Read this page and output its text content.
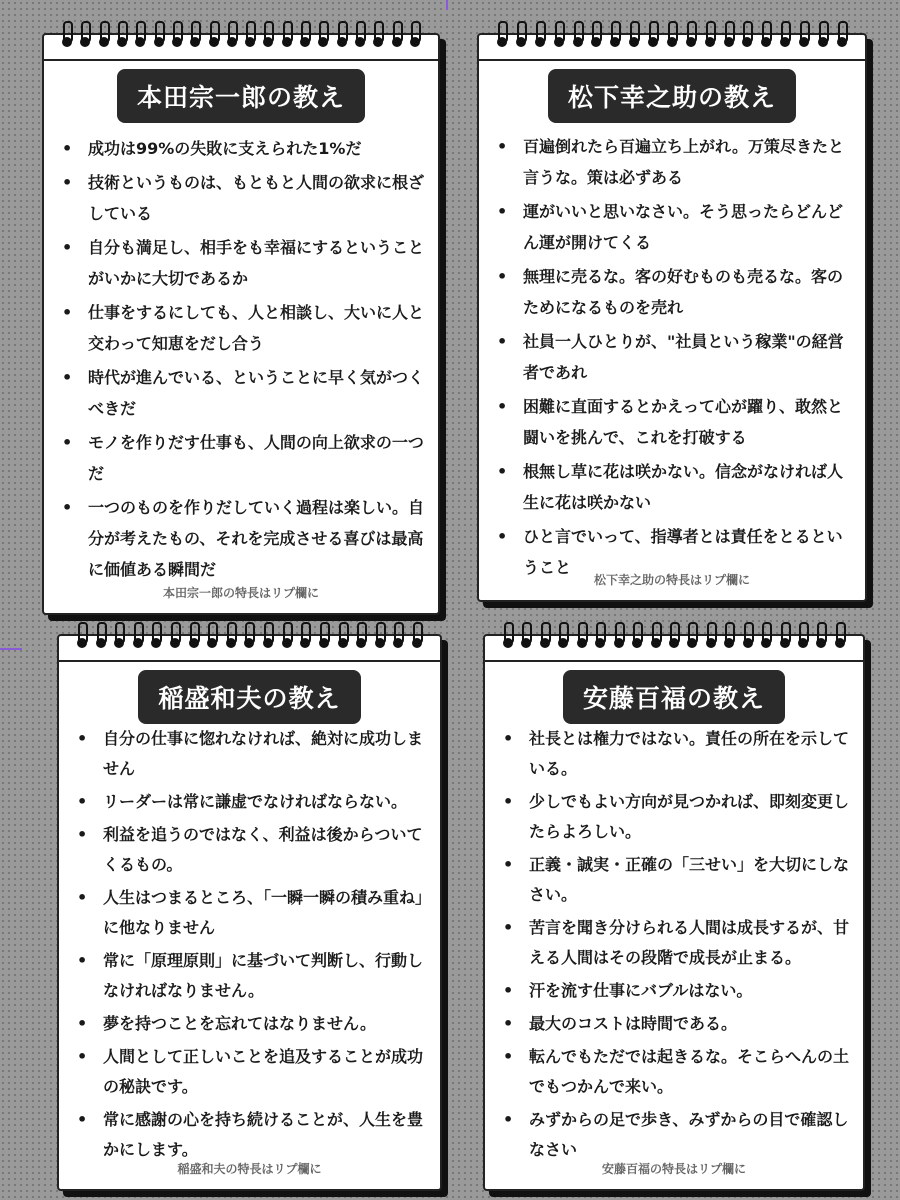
本田宗一郎の教え
• 成功は99%の失敗に支えられた1%だ
• 技術というものは、もともと人間の欲求に根ざしている
• 自分も満足し、相手をも幸福にするということがいかに大切であるか
• 仕事をするにしても、人と相談し、大いに人と交わって知恵をだし合う
• 時代が進んでいる、ということに早く気がつくべきだ
• モノを作りだす仕事も、人間の向上欲求の一つだ
• 一つのものを作りだしていく過程は楽しい。自分が考えたもの、それを完成させる喜びは最高に価値ある瞬間だ
本田宗一郎の特長はリプ欄に
松下幸之助の教え
• 百遍倒れたら百遍立ち上がれ。万策尽きたと言うな。策は必ずある
• 運がいいと思いなさい。そう思ったらどんどん運が開けてくる
• 無理に売るな。客の好むものも売るな。客のためになるものを売れ
• 社員一人ひとりが、"社員という稼業"の経営者であれ
• 困難に直面するとかえって心が躍り、敢然と闘いを挑んで、これを打破する
• 根無し草に花は咲かない。信念がなければ人生に花は咲かない
• ひと言でいって、指導者とは責任をとるということ
松下幸之助の特長はリプ欄に
稲盛和夫の教え
• 自分の仕事に惚れなければ、絶対に成功しません
• リーダーは常に謙虚でなければならない。
• 利益を追うのではなく、利益は後からついてくるもの。
• 人生はつまるところ、「一瞬一瞬の積み重ね」に他なりません
• 常に「原理原則」に基づいて判断し、行動しなければなりません。
• 夢を持つことを忘れてはなりません。
• 人間として正しいことを追及することが成功の秘訣です。
• 常に感謝の心を持ち続けることが、人生を豊かにします。
稲盛和夫の特長はリプ欄に
安藤百福の教え
• 社長とは権力ではない。責任の所在を示している。
• 少しでもよい方向が見つかれば、即刻変更したらよろしい。
• 正義・誠実・正確の「三せい」を大切にしなさい。
• 苦言を聞き分けられる人間は成長するが、甘える人間はその段階で成長が止まる。
• 汗を流す仕事にバブルはない。
• 最大のコストは時間である。
• 転んでもただでは起きるな。そこらへんの土でもつかんで来い。
• みずからの足で歩き、みずからの目で確認しなさい
安藤百福の特長はリプ欄に
